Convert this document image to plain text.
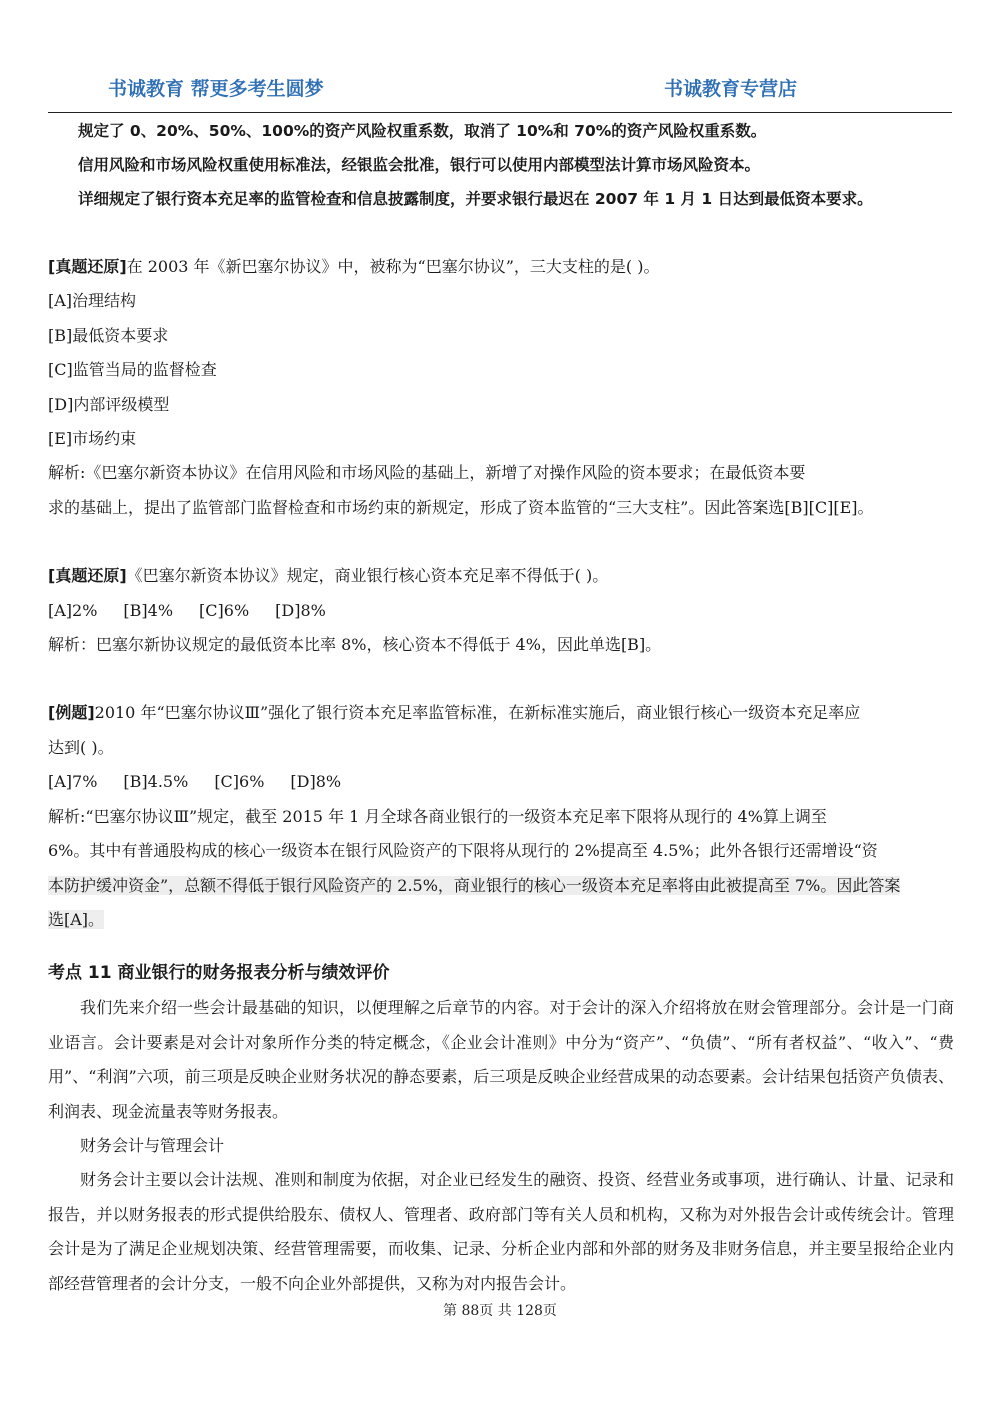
书诚教育 帮更多考生圆梦	书诚教育专营店

规定了 0、20%、50%、100%的资产风险权重系数，取消了 10%和 70%的资产风险权重系数。

信用风险和市场风险权重使用标准法，经银监会批准，银行可以使用内部模型法计算市场风险资本。

详细规定了银行资本充足率的监管检查和信息披露制度，并要求银行最迟在 2007 年 1 月 1 日达到最低资本要求。

[真题还原]在 2003 年《新巴塞尔协议》中，被称为“巴塞尔协议”，三大支柱的是( )。

[A]治理结构

[B]最低资本要求

[C]监管当局的监督检查

[D]内部评级模型

[E]市场约束

解析:《巴塞尔新资本协议》在信用风险和市场风险的基础上，新增了对操作风险的资本要求；在最低资本要

求的基础上，提出了监管部门监督检查和市场约束的新规定，形成了资本监管的“三大支柱”。因此答案选[B][C][E]。

[真题还原]《巴塞尔新资本协议》规定，商业银行核心资本充足率不得低于( )。

[A]2% [B]4% [C]6% [D]8%

解析：巴塞尔新协议规定的最低资本比率 8%，核心资本不得低于 4%，因此单选[B]。

[例题]2010 年“巴塞尔协议Ⅲ”强化了银行资本充足率监管标准，在新标准实施后，商业银行核心一级资本充足率应

达到( )。

[A]7% [B]4.5% [C]6% [D]8%

解析:“巴塞尔协议Ⅲ”规定，截至 2015 年 1 月全球各商业银行的一级资本充足率下限将从现行的 4%算上调至

6%。其中有普通股构成的核心一级资本在银行风险资产的下限将从现行的 2%提高至 4.5%；此外各银行还需增设“资

本防护缓冲资金”，总额不得低于银行风险资产的 2.5%，商业银行的核心一级资本充足率将由此被提高至 7%。因此答案

选[A]。

考点 11 商业银行的财务报表分析与绩效评价

我们先来介绍一些会计最基础的知识，以便理解之后章节的内容。对于会计的深入介绍将放在财会管理部分。会计是一门商业语言。会计要素是对会计对象所作分类的特定概念，《企业会计准则》中分为“资产”、“负债”、“所有者权益”、“收入”、“费用”、“利润”六项，前三项是反映企业财务状况的静态要素，后三项是反映企业经营成果的动态要素。会计结果包括资产负债表、利润表、现金流量表等财务报表。

财务会计与管理会计

财务会计主要以会计法规、准则和制度为依据，对企业已经发生的融资、投资、经营业务或事项，进行确认、计量、记录和报告，并以财务报表的形式提供给股东、债权人、管理者、政府部门等有关人员和机构，又称为对外报告会计或传统会计。管理会计是为了满足企业规划决策、经营管理需要，而收集、记录、分析企业内部和外部的财务及非财务信息，并主要呈报给企业内部经营管理者的会计分支，一般不向企业外部提供，又称为对内报告会计。

第 88页 共 128页
